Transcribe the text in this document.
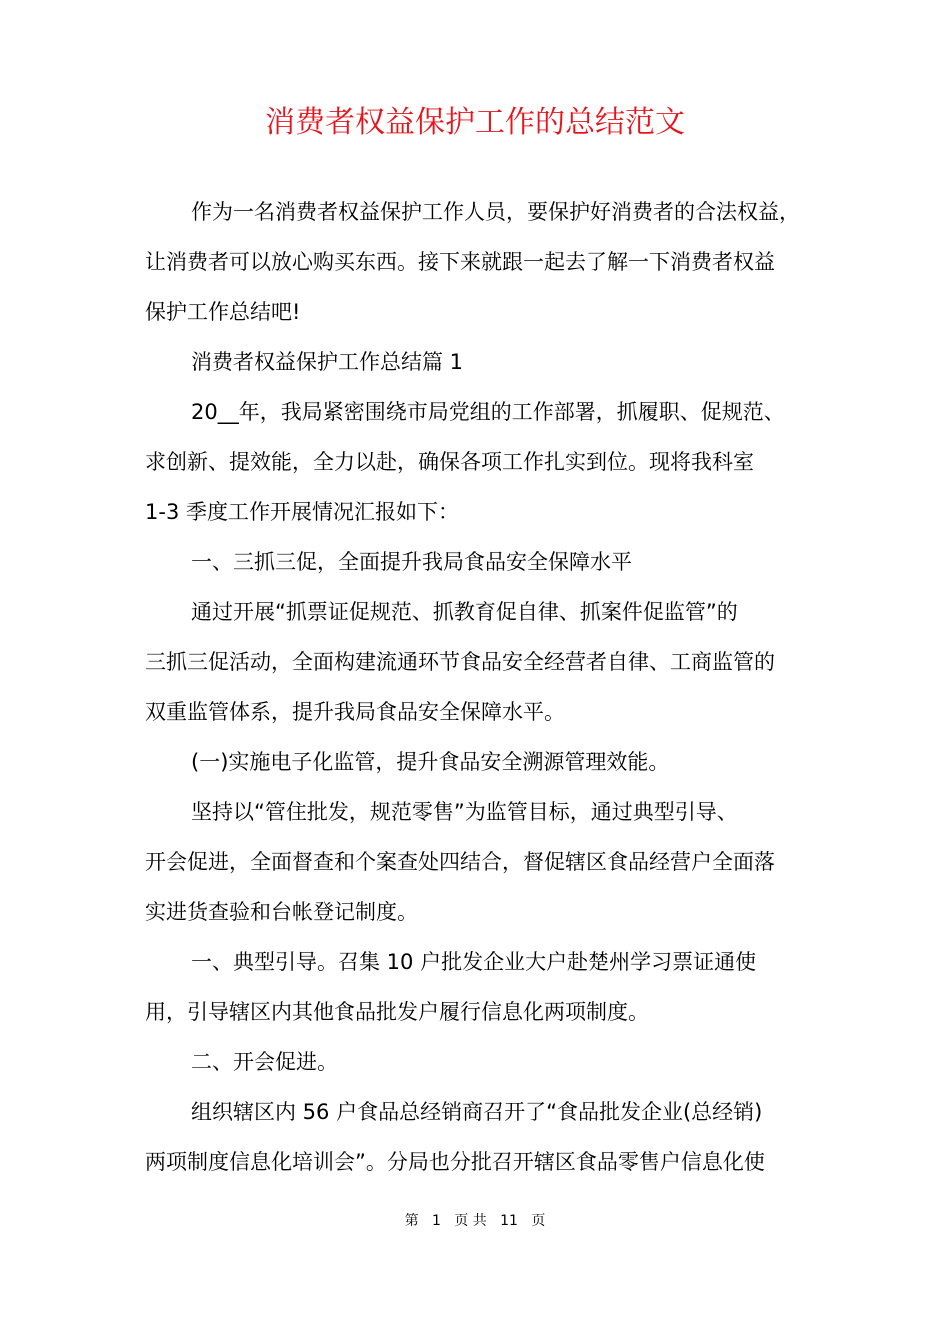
消费者权益保护工作的总结范文

作为一名消费者权益保护工作人员，要保护好消费者的合法权益，
让消费者可以放心购买东西。接下来就跟一起去了解一下消费者权益
保护工作总结吧!

消费者权益保护工作总结篇 1

20__年，我局紧密围绕市局党组的工作部署，抓履职、促规范、
求创新、提效能，全力以赴，确保各项工作扎实到位。现将我科室
1-3 季度工作开展情况汇报如下：

一、三抓三促，全面提升我局食品安全保障水平

通过开展“抓票证促规范、抓教育促自律、抓案件促监管”的
三抓三促活动，全面构建流通环节食品安全经营者自律、工商监管的
双重监管体系，提升我局食品安全保障水平。

(一)实施电子化监管，提升食品安全溯源管理效能。

坚持以“管住批发，规范零售”为监管目标，通过典型引导、
开会促进，全面督查和个案查处四结合，督促辖区食品经营户全面落
实进货查验和台帐登记制度。

一、典型引导。召集 10 户批发企业大户赴楚州学习票证通使
用，引导辖区内其他食品批发户履行信息化两项制度。

二、开会促进。

组织辖区内 56 户食品总经销商召开了“食品批发企业(总经销)
两项制度信息化培训会”。分局也分批召开辖区食品零售户信息化使

第 1 页 共 11 页
